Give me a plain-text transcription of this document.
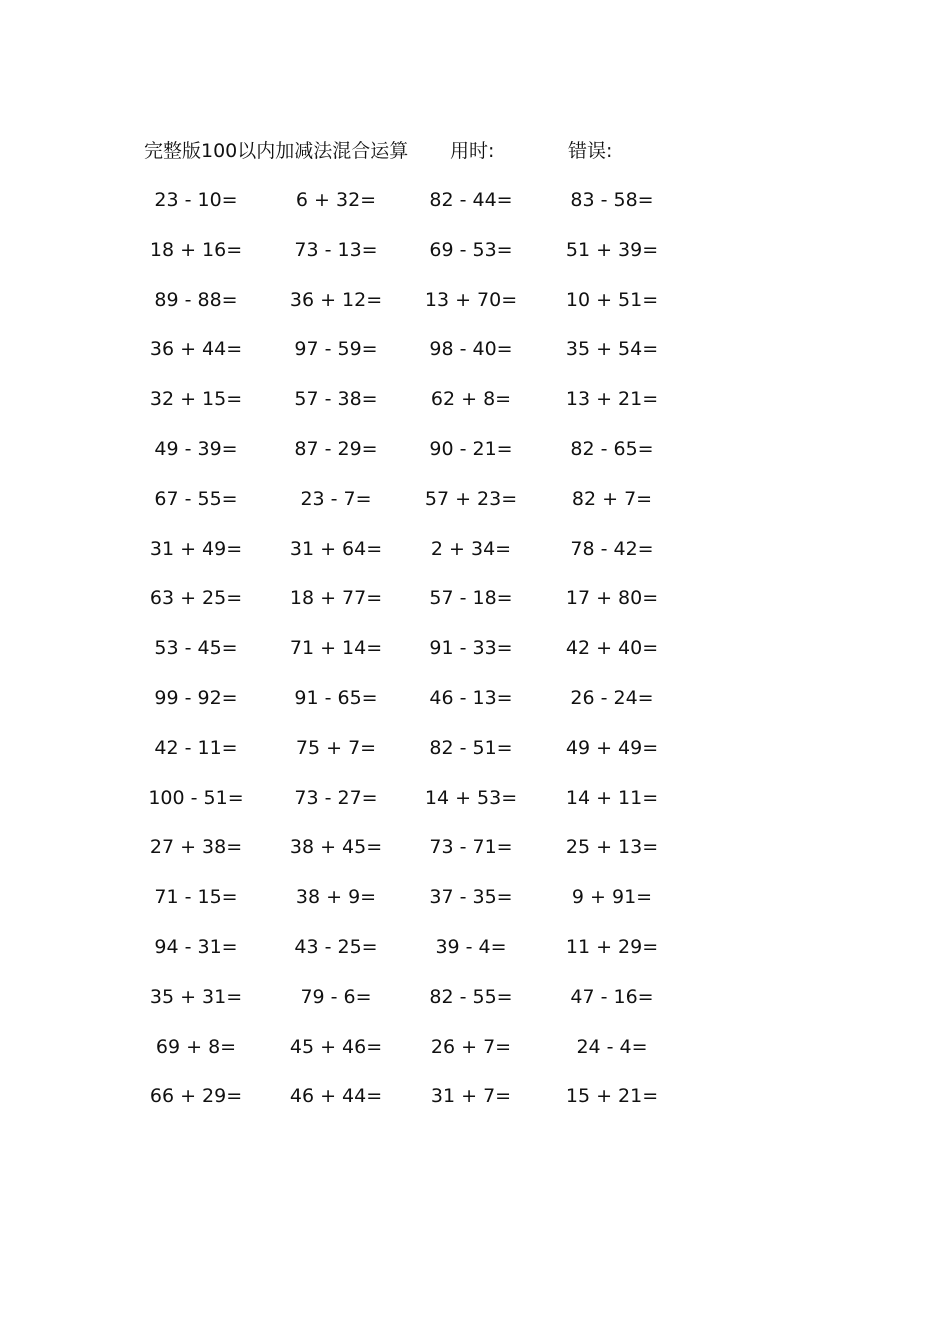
完整版100以内加减法混合运算 用时:	错误:
23 - 10=	6 + 32=	82 - 44=	83 - 58=
18 + 16=	73 - 13=	69 - 53=	51 + 39=
89 - 88=	36 + 12=	13 + 70=	10 + 51=
36 + 44=	97 - 59=	98 - 40=	35 + 54=
32 + 15=	57 - 38=	62 + 8=	13 + 21=
49 - 39=	87 - 29=	90 - 21=	82 - 65=
67 - 55=	23 - 7=	57 + 23=	82 + 7=
31 + 49=	31 + 64=	2 + 34=	78 - 42=
63 + 25=	18 + 77=	57 - 18=	17 + 80=
53 - 45=	71 + 14=	91 - 33=	42 + 40=
99 - 92=	91 - 65=	46 - 13=	26 - 24=
42 - 11=	75 + 7=	82 - 51=	49 + 49=
100 - 51=	73 - 27=	14 + 53=	14 + 11=
27 + 38=	38 + 45=	73 - 71=	25 + 13=
71 - 15=	38 + 9=	37 - 35=	9 + 91=
94 - 31=	43 - 25=	39 - 4=	11 + 29=
35 + 31=	79 - 6=	82 - 55=	47 - 16=
69 + 8=	45 + 46=	26 + 7=	24 - 4=
66 + 29=	46 + 44=	31 + 7=	15 + 21=
